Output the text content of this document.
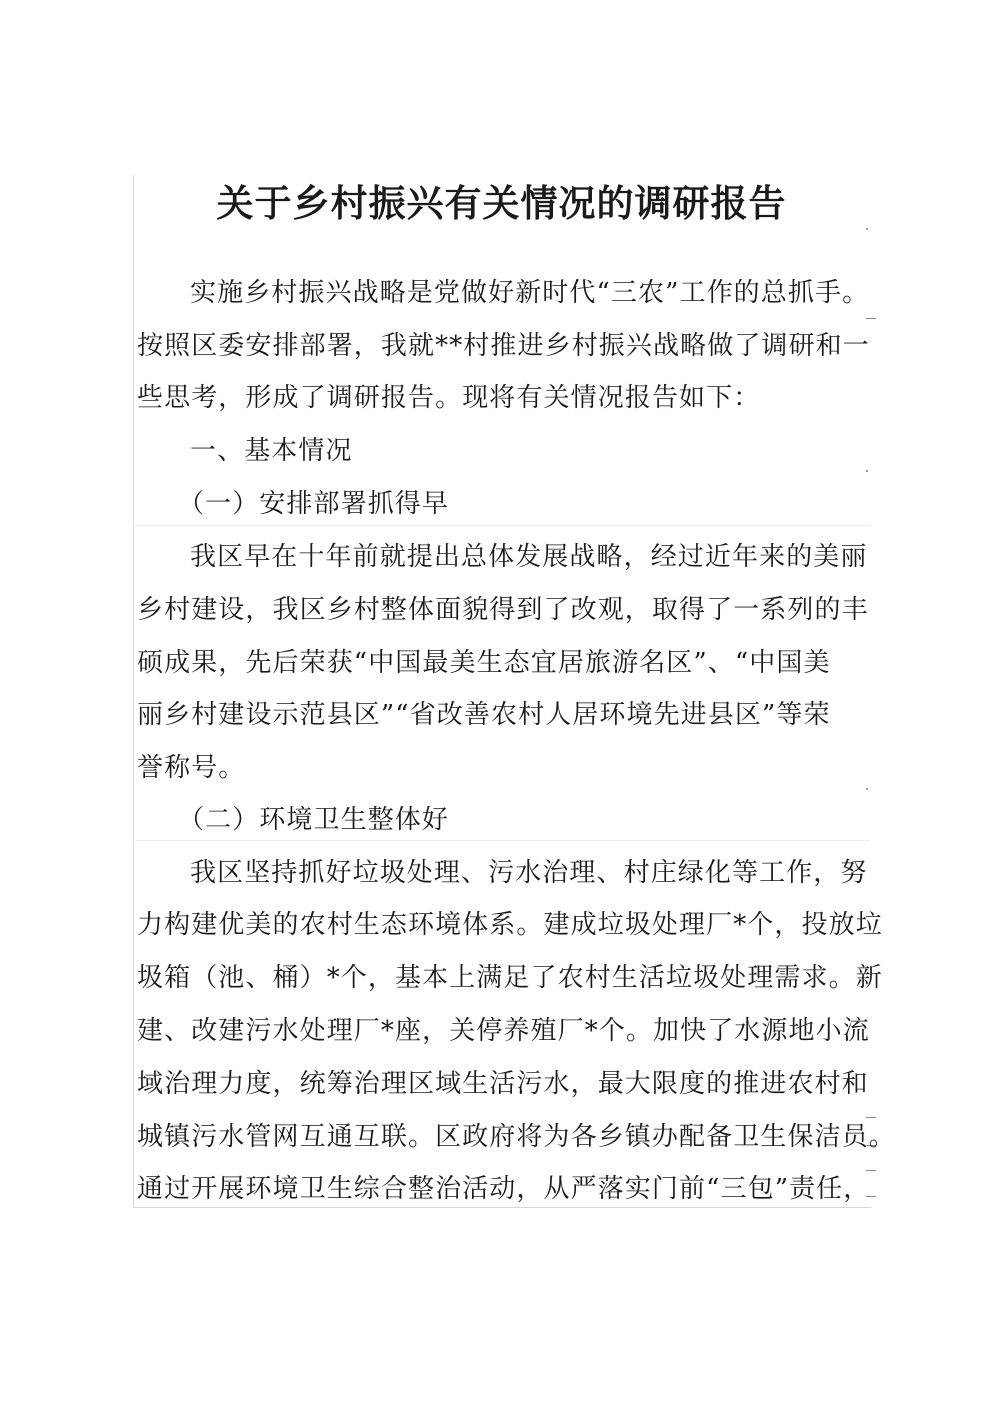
关于乡村振兴有关情况的调研报告

实施乡村振兴战略是党做好新时代“三农”工作的总抓手。

按照区委安排部署，我就**村推进乡村振兴战略做了调研和一

些思考，形成了调研报告。现将有关情况报告如下：

一、基本情况

（一）安排部署抓得早

我区早在十年前就提出总体发展战略，经过近年来的美丽

乡村建设，我区乡村整体面貌得到了改观，取得了一系列的丰

硕成果，先后荣获“中国最美生态宜居旅游名区”、“中国美

丽乡村建设示范县区”“省改善农村人居环境先进县区”等荣

誉称号。

（二）环境卫生整体好

我区坚持抓好垃圾处理、污水治理、村庄绿化等工作，努

力构建优美的农村生态环境体系。建成垃圾处理厂*个，投放垃

圾箱（池、桶）*个，基本上满足了农村生活垃圾处理需求。新

建、改建污水处理厂*座，关停养殖厂*个。加快了水源地小流

域治理力度，统筹治理区域生活污水，最大限度的推进农村和

城镇污水管网互通互联。区政府将为各乡镇办配备卫生保洁员。

通过开展环境卫生综合整治活动，从严落实门前“三包”责任，
